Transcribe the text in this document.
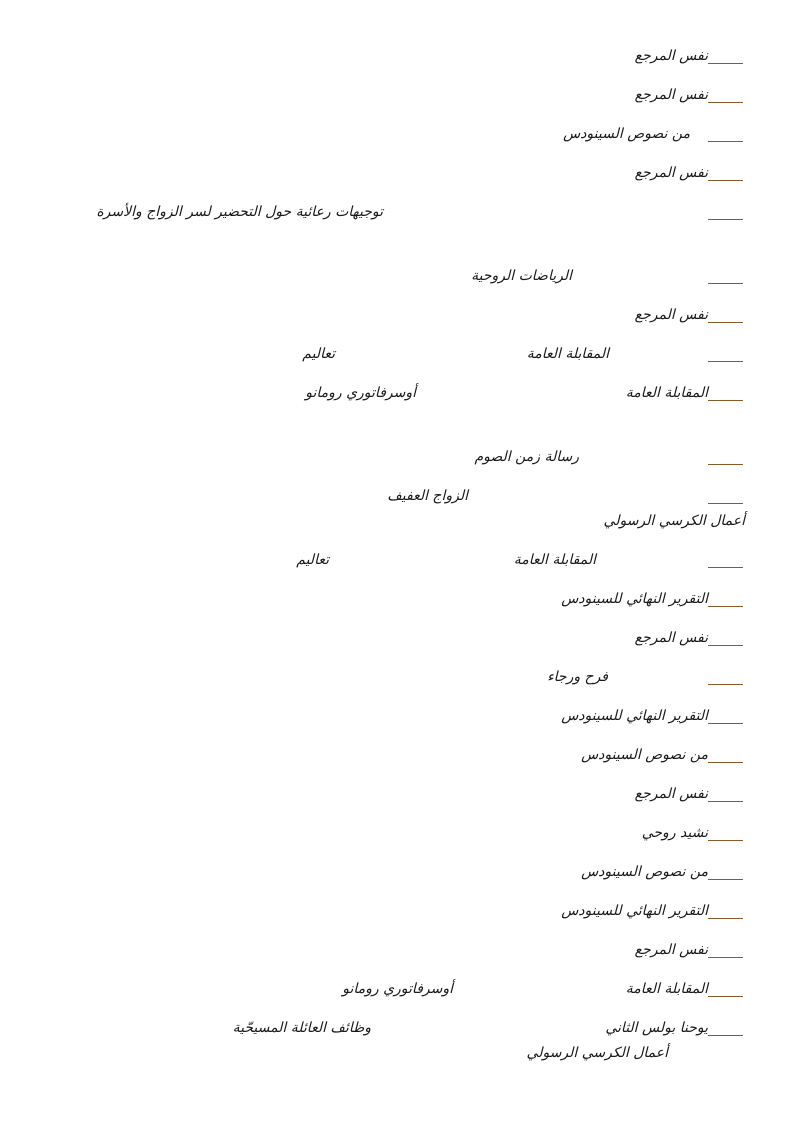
نفس المرجع
نفس المرجع
من نصوص السينودس
نفس المرجع
توجيهات رعائية حول التحضير لسر الزواج والأسرة
الرياضات الروحية
نفس المرجع
المقابلة العامة
تعاليم
المقابلة العامة
أوسرفاتوري رومانو
رسالة زمن الصوم
الزواج العفيف
أعمال الكرسي الرسولي
المقابلة العامة
تعاليم
التقرير النهائي للسينودس
نفس المرجع
فرح ورجاء
التقرير النهائي للسينودس
من نصوص السينودس
نفس المرجع
نشيد روحي
من نصوص السينودس
التقرير النهائي للسينودس
نفس المرجع
المقابلة العامة
أوسرفاتوري رومانو
يوحنا بولس الثاني
وظائف العائلة المسيحّية
أعمال الكرسي الرسولي
